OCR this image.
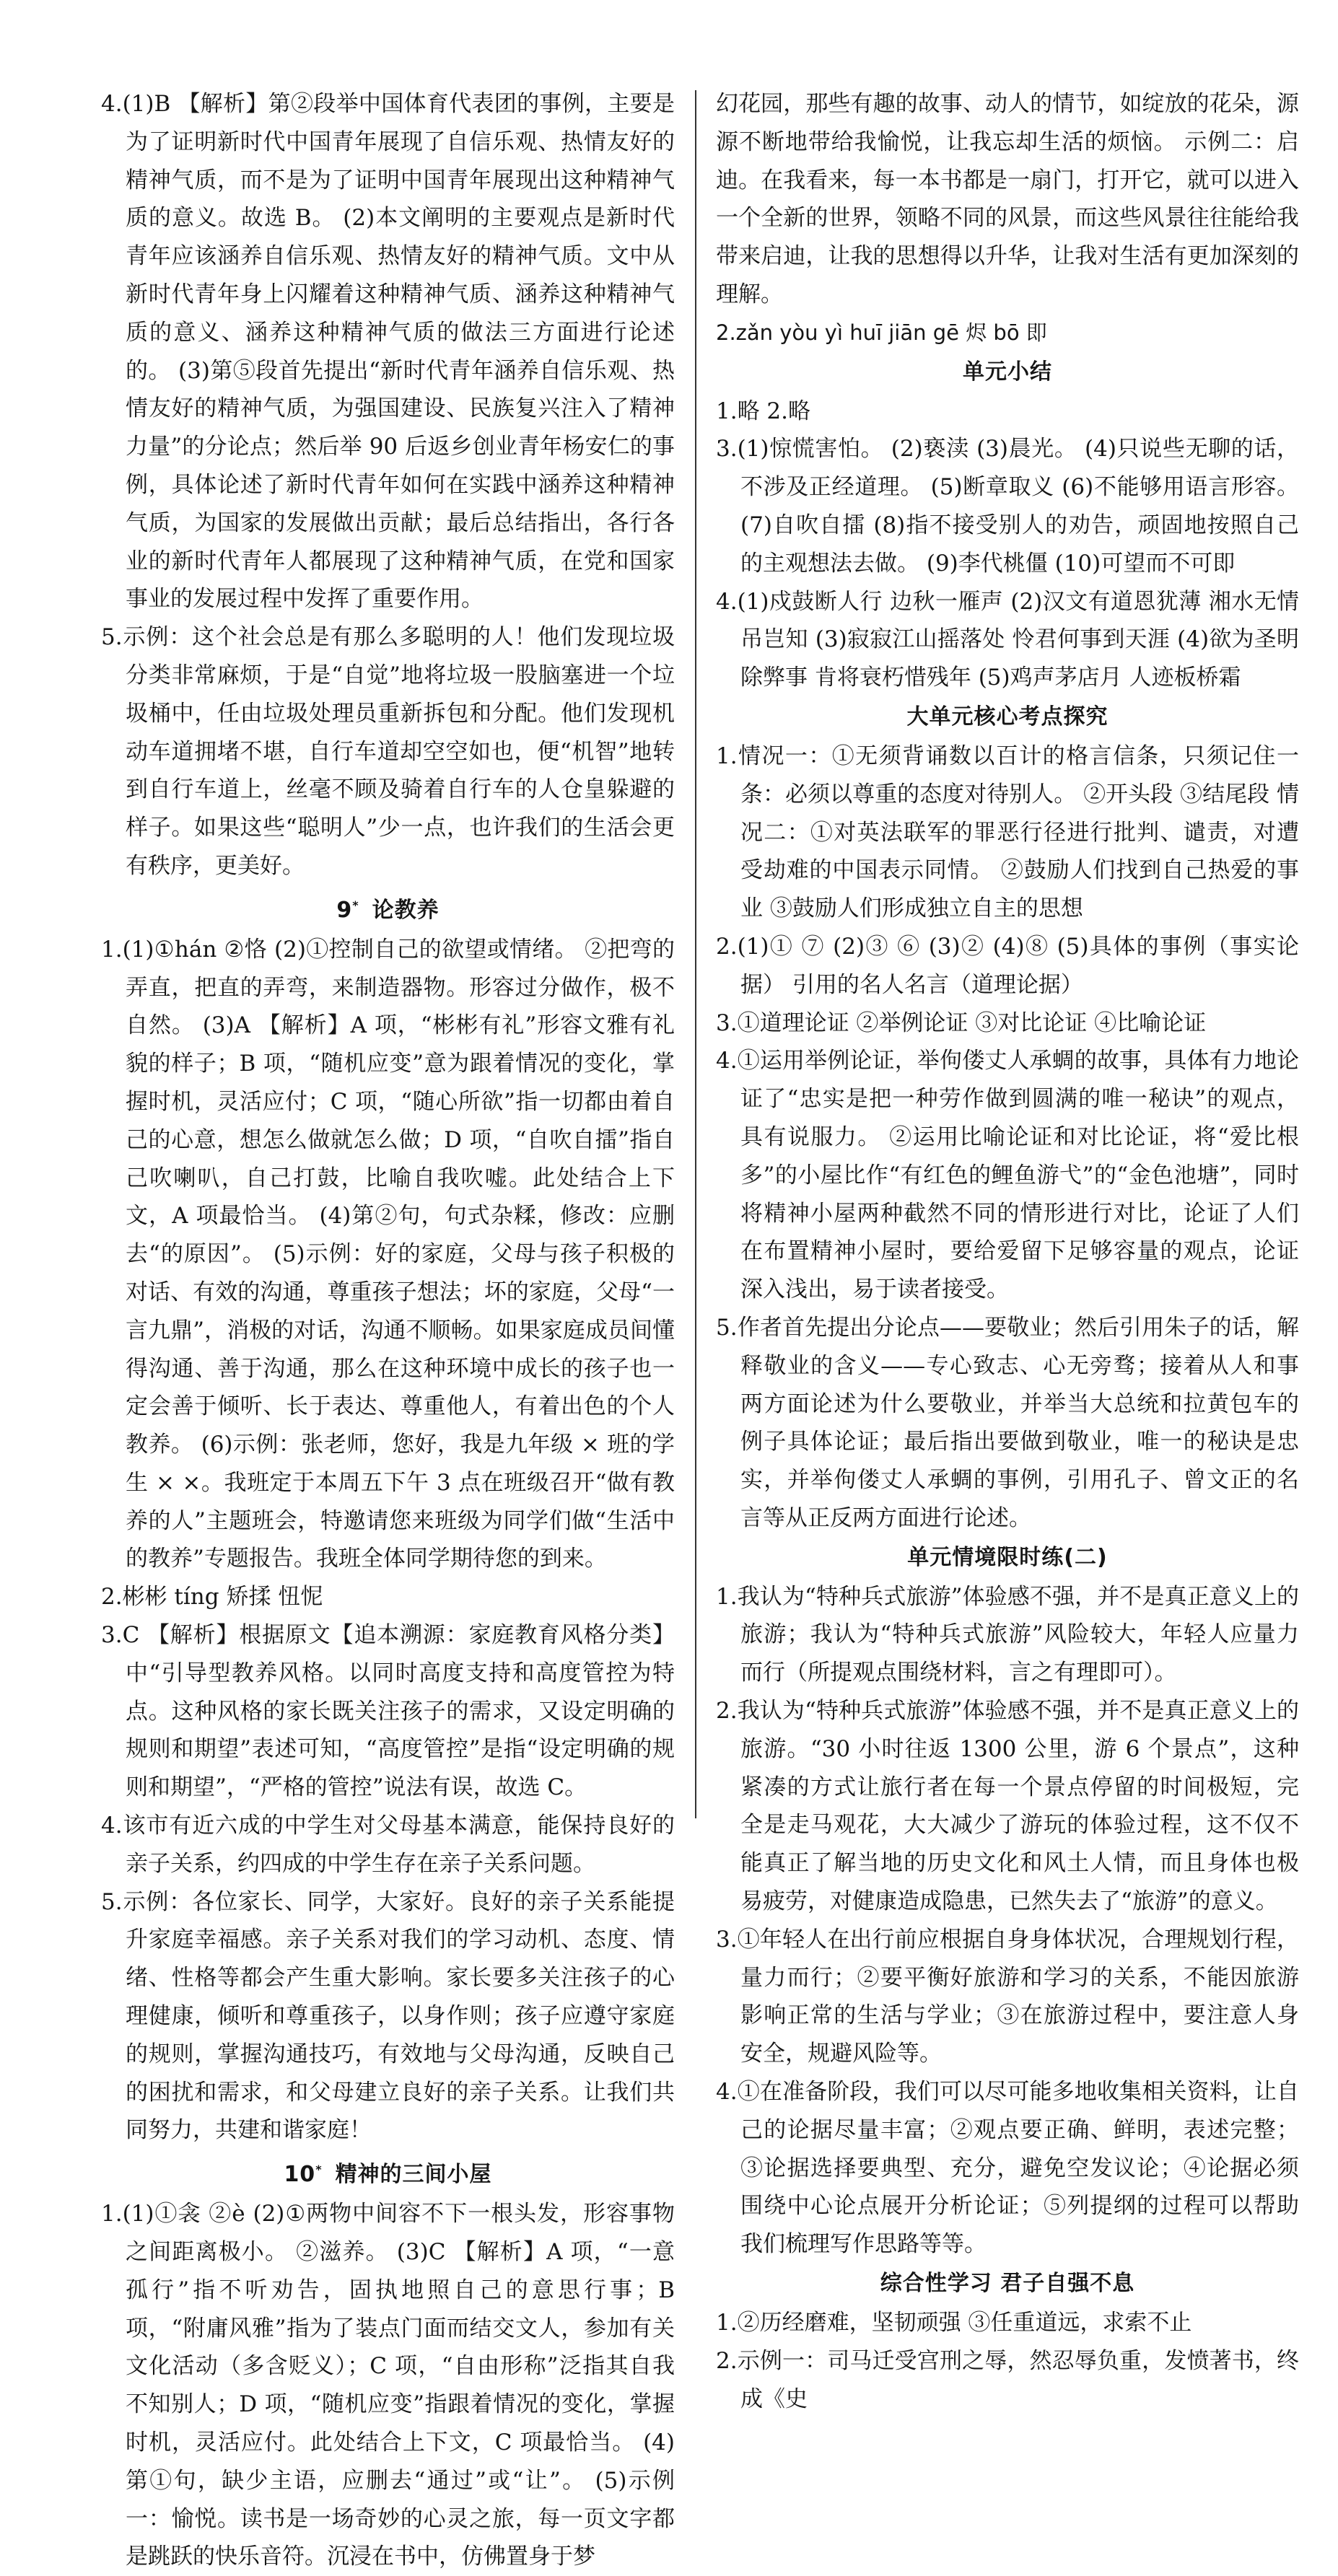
4.(1)B 【解析】第②段举中国体育代表团的事例，主要是为了证明新时代中国青年展现了自信乐观、热情友好的精神气质，而不是为了证明中国青年展现出这种精神气质的意义。故选 B。 (2)本文阐明的主要观点是新时代青年应该涵养自信乐观、热情友好的精神气质。文中从新时代青年身上闪耀着这种精神气质、涵养这种精神气质的意义、涵养这种精神气质的做法三方面进行论述的。 (3)第⑤段首先提出“新时代青年涵养自信乐观、热情友好的精神气质，为强国建设、民族复兴注入了精神力量”的分论点；然后举 90 后返乡创业青年杨安仁的事例，具体论述了新时代青年如何在实践中涵养这种精神气质，为国家的发展做出贡献；最后总结指出，各行各业的新时代青年人都展现了这种精神气质，在党和国家事业的发展过程中发挥了重要作用。

5.示例：这个社会总是有那么多聪明的人！他们发现垃圾分类非常麻烦，于是“自觉”地将垃圾一股脑塞进一个垃圾桶中，任由垃圾处理员重新拆包和分配。他们发现机动车道拥堵不堪，自行车道却空空如也，便“机智”地转到自行车道上，丝毫不顾及骑着自行车的人仓皇躲避的样子。如果这些“聪明人”少一点，也许我们的生活会更有秩序，更美好。

9* 论教养

1.(1)①hán ②恪 (2)①控制自己的欲望或情绪。 ②把弯的弄直，把直的弄弯，来制造器物。形容过分做作，极不自然。 (3)A 【解析】A 项，“彬彬有礼”形容文雅有礼貌的样子；B 项，“随机应变”意为跟着情况的变化，掌握时机，灵活应付；C 项，“随心所欲”指一切都由着自己的心意，想怎么做就怎么做；D 项，“自吹自擂”指自己吹喇叭，自己打鼓，比喻自我吹嘘。此处结合上下文，A 项最恰当。 (4)第②句，句式杂糅，修改：应删去“的原因”。 (5)示例：好的家庭，父母与孩子积极的对话、有效的沟通，尊重孩子想法；坏的家庭，父母“一言九鼎”，消极的对话，沟通不顺畅。如果家庭成员间懂得沟通、善于沟通，那么在这种环境中成长的孩子也一定会善于倾听、长于表达、尊重他人，有着出色的个人教养。 (6)示例：张老师，您好，我是九年级 × 班的学生 × ×。我班定于本周五下午 3 点在班级召开“做有教养的人”主题班会，特邀请您来班级为同学们做“生活中的教养”专题报告。我班全体同学期待您的到来。

2.彬彬 tíng 矫揉 忸怩

3.C 【解析】根据原文【追本溯源：家庭教育风格分类】中“引导型教养风格。以同时高度支持和高度管控为特点。这种风格的家长既关注孩子的需求，又设定明确的规则和期望”表述可知，“高度管控”是指“设定明确的规则和期望”，“严格的管控”说法有误，故选 C。

4.该市有近六成的中学生对父母基本满意，能保持良好的亲子关系，约四成的中学生存在亲子关系问题。

5.示例：各位家长、同学，大家好。良好的亲子关系能提升家庭幸福感。亲子关系对我们的学习动机、态度、情绪、性格等都会产生重大影响。家长要多关注孩子的心理健康，倾听和尊重孩子，以身作则；孩子应遵守家庭的规则，掌握沟通技巧，有效地与父母沟通，反映自己的困扰和需求，和父母建立良好的亲子关系。让我们共同努力，共建和谐家庭！

10* 精神的三间小屋

1.(1)①衾 ②è (2)①两物中间容不下一根头发，形容事物之间距离极小。 ②滋养。 (3)C 【解析】A 项，“一意孤行”指不听劝告，固执地照自己的意思行事；B 项，“附庸风雅”指为了装点门面而结交文人，参加有关文化活动（多含贬义）；C 项，“自由形称”泛指其自我不知别人；D 项，“随机应变”指跟着情况的变化，掌握时机，灵活应付。此处结合上下文，C 项最恰当。 (4)第①句，缺少主语，应删去“通过”或“让”。 (5)示例一：愉悦。读书是一场奇妙的心灵之旅，每一页文字都是跳跃的快乐音符。沉浸在书中，仿佛置身于梦

幻花园，那些有趣的故事、动人的情节，如绽放的花朵，源源不断地带给我愉悦，让我忘却生活的烦恼。 示例二：启迪。在我看来，每一本书都是一扇门，打开它，就可以进入一个全新的世界，领略不同的风景，而这些风景往往能给我带来启迪，让我的思想得以升华，让我对生活有更加深刻的理解。

2.zǎn yòu yì huī jiān gē 烬 bō 即

单元小结

1.略 2.略

3.(1)惊慌害怕。 (2)亵渎 (3)晨光。 (4)只说些无聊的话，不涉及正经道理。 (5)断章取义 (6)不能够用语言形容。 (7)自吹自擂 (8)指不接受别人的劝告，顽固地按照自己的主观想法去做。 (9)李代桃僵 (10)可望而不可即

4.(1)戍鼓断人行 边秋一雁声 (2)汉文有道恩犹薄 湘水无情吊岂知 (3)寂寂江山摇落处 怜君何事到天涯 (4)欲为圣明除弊事 肯将衰朽惜残年 (5)鸡声茅店月 人迹板桥霜

大单元核心考点探究

1.情况一：①无须背诵数以百计的格言信条，只须记住一条：必须以尊重的态度对待别人。 ②开头段 ③结尾段 情况二：①对英法联军的罪恶行径进行批判、谴责，对遭受劫难的中国表示同情。 ②鼓励人们找到自己热爱的事业 ③鼓励人们形成独立自主的思想

2.(1)① ⑦ (2)③ ⑥ (3)② (4)⑧ (5)具体的事例（事实论据） 引用的名人名言（道理论据）

3.①道理论证 ②举例论证 ③对比论证 ④比喻论证

4.①运用举例论证，举佝偻丈人承蜩的故事，具体有力地论证了“忠实是把一种劳作做到圆满的唯一秘诀”的观点，具有说服力。 ②运用比喻论证和对比论证，将“爱比根多”的小屋比作“有红色的鲤鱼游弋”的“金色池塘”，同时将精神小屋两种截然不同的情形进行对比，论证了人们在布置精神小屋时，要给爱留下足够容量的观点，论证深入浅出，易于读者接受。

5.作者首先提出分论点——要敬业；然后引用朱子的话，解释敬业的含义——专心致志、心无旁骛；接着从人和事两方面论述为什么要敬业，并举当大总统和拉黄包车的例子具体论证；最后指出要做到敬业，唯一的秘诀是忠实，并举佝偻丈人承蜩的事例，引用孔子、曾文正的名言等从正反两方面进行论述。

单元情境限时练(二)

1.我认为“特种兵式旅游”体验感不强，并不是真正意义上的旅游；我认为“特种兵式旅游”风险较大，年轻人应量力而行（所提观点围绕材料，言之有理即可）。

2.我认为“特种兵式旅游”体验感不强，并不是真正意义上的旅游。“30 小时往返 1300 公里，游 6 个景点”，这种紧凑的方式让旅行者在每一个景点停留的时间极短，完全是走马观花，大大减少了游玩的体验过程，这不仅不能真正了解当地的历史文化和风土人情，而且身体也极易疲劳，对健康造成隐患，已然失去了“旅游”的意义。

3.①年轻人在出行前应根据自身身体状况，合理规划行程，量力而行；②要平衡好旅游和学习的关系，不能因旅游影响正常的生活与学业；③在旅游过程中，要注意人身安全，规避风险等。

4.①在准备阶段，我们可以尽可能多地收集相关资料，让自己的论据尽量丰富；②观点要正确、鲜明，表述完整；③论据选择要典型、充分，避免空发议论；④论据必须围绕中心论点展开分析论证；⑤列提纲的过程可以帮助我们梳理写作思路等等。

综合性学习 君子自强不息

1.②历经磨难，坚韧顽强 ③任重道远，求索不止

2.示例一：司马迁受宫刑之辱，然忍辱负重，发愤著书，终成《史
